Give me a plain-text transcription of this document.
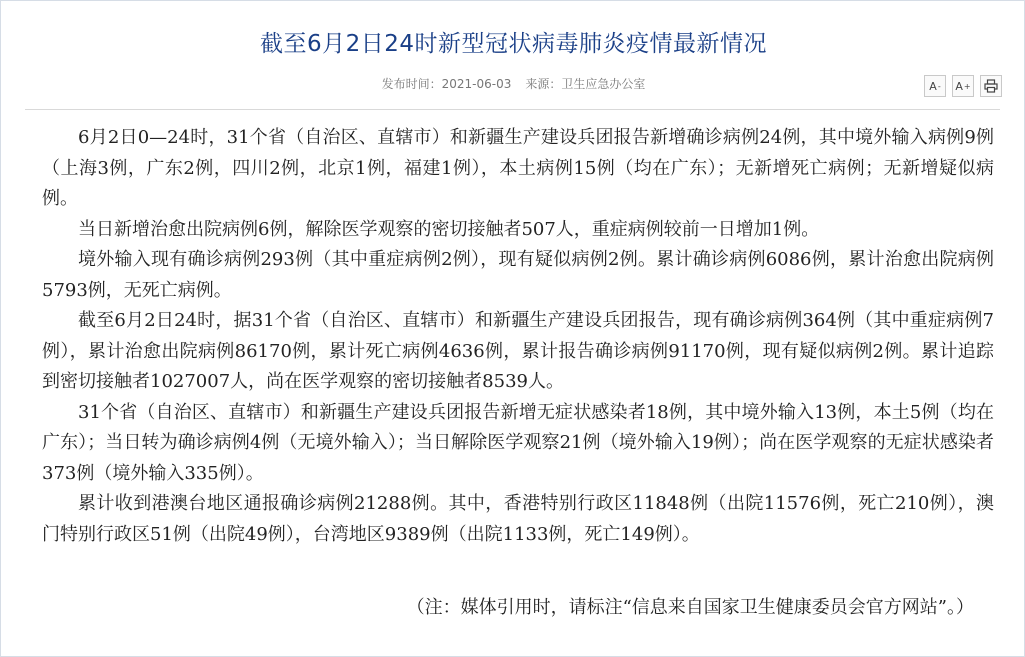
截至6月2日24时新型冠状病毒肺炎疫情最新情况
发布时间：2021-06-03 来源：卫生应急办公室	A - A +

6月2日0—24时，31个省（自治区、直辖市）和新疆生产建设兵团报告新增确诊病例24例，其中境外输入病例9例（上海3例，广东2例，四川2例，北京1例，福建1例），本土病例15例（均在广东）；无新增死亡病例；无新增疑似病例。

当日新增治愈出院病例6例，解除医学观察的密切接触者507人，重症病例较前一日增加1例。

境外输入现有确诊病例293例（其中重症病例2例），现有疑似病例2例。累计确诊病例6086例，累计治愈出院病例5793例，无死亡病例。

截至6月2日24时，据31个省（自治区、直辖市）和新疆生产建设兵团报告，现有确诊病例364例（其中重症病例7例），累计治愈出院病例86170例，累计死亡病例4636例，累计报告确诊病例91170例，现有疑似病例2例。累计追踪到密切接触者1027007人，尚在医学观察的密切接触者8539人。

31个省（自治区、直辖市）和新疆生产建设兵团报告新增无症状感染者18例，其中境外输入13例，本土5例（均在广东）；当日转为确诊病例4例（无境外输入）；当日解除医学观察21例（境外输入19例）；尚在医学观察的无症状感染者373例（境外输入335例）。

累计收到港澳台地区通报确诊病例21288例。其中，香港特别行政区11848例（出院11576例，死亡210例），澳门特别行政区51例（出院49例），台湾地区9389例（出院1133例，死亡149例）。

（注：媒体引用时，请标注“信息来自国家卫生健康委员会官方网站”。）
